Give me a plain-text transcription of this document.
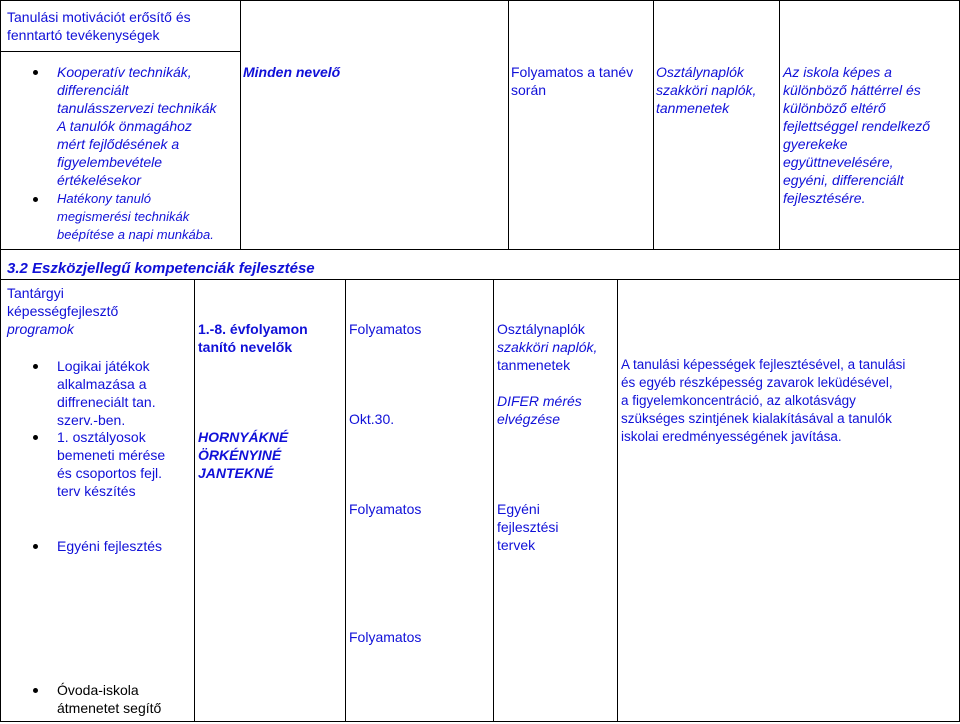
Tanulási motivációt erősítő és
fenntartó tevékenységek
Kooperatív technikák,
differenciált
tanulásszervezi technikák
A tanulók önmagához
mért fejlődésének a
figyelembevétele
értékelésekor
Hatékony tanuló
megismerési technikák
beépítése a napi munkába.
Minden nevelő	Folyamatos a tanév
során
Osztálynaplók
szakköri naplók,
tanmenetek
Az iskola képes a
különböző háttérrel és
különböző eltérő
fejlettséggel rendelkező
gyerekeke
együttnevelésére,
egyéni, differenciált
fejlesztésére.
3.2 Eszközjellegű kompetenciák fejlesztése
Tantárgyi
képességfejlesztő
programok
Logikai játékok
alkalmazása a
diffreneciált tan.
szerv.-ben.
1. osztályosok
bemeneti mérése
és csoportos fejl.
terv készítés
Egyéni fejlesztés
Óvoda-iskola
átmenetet segítő
1.-8. évfolyamon
tanító nevelők
HORNYÁKNÉ
ÖRKÉNYINÉ
JANTEKNÉ
Folyamatos
Okt.30.
Folyamatos
Folyamatos
Osztálynaplók
szakköri naplók,
tanmenetek
DIFER mérés
elvégzése
Egyéni
fejlesztési
tervek
A tanulási képességek fejlesztésével, a tanulási
és egyéb részképesség zavarok leküdésével,
a figyelemkoncentráció, az alkotásvágy
szükséges szintjének kialakításával a tanulók
iskolai eredményességének javítása.
